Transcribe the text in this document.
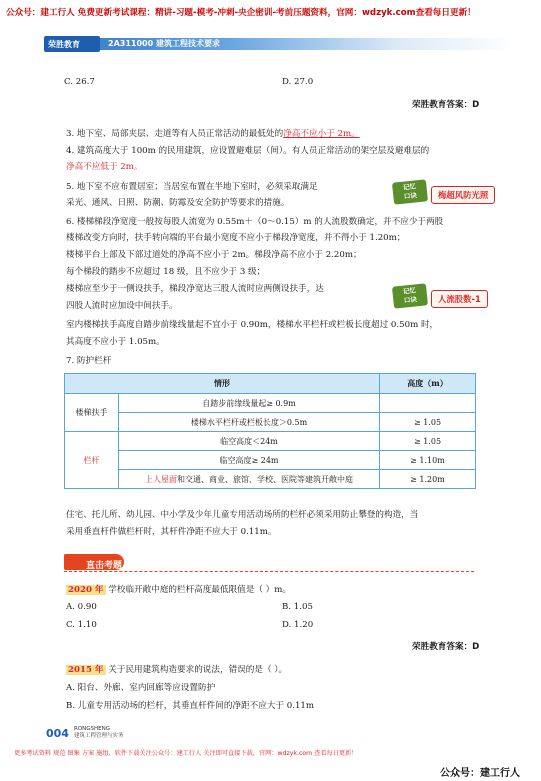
公众号：建工行人 免费更新考试课程：精讲-习题-模考-冲刺-央企密训-考前压题资料，官网：wdzyk.com查看每日更新！
荣胜教育	2A311000 建筑工程技术要求
C. 26.7	D. 27.0
荣胜教育答案：D
3. 地下室、局部夹层、走道等有人员正常活动的最低处的净高不应小于 2m。
4. 建筑高度大于 100m 的民用建筑，应设置避难层（间）。有人员正常活动的架空层及避难层的
净高不应低于 2m。
5. 地下室不应布置居室；当居室布置在半地下室时，必须采取满足
采光、通风、日照、防潮、防霉及安全防护等要求的措施。
记忆
口诀	梅超风防光照
6. 楼梯梯段净宽度一般按每股人流宽为 0.55m＋（0～0.15）m 的人流股数确定，并不应少于两股
楼梯改变方向时，扶手转向端的平台最小宽度不应小于梯段净宽度，并不得小于 1.20m；
楼梯平台上部及下部过道处的净高不应小于 2m。梯段净高不应小于 2.20m；
每个梯段的踏步不应超过 18 级，且不应少于 3 级；
楼梯应至少于一侧设扶手，梯段净宽达三股人流时应两侧设扶手，达
四股人流时应加设中间扶手。
记忆
口诀	人流股数-1
室内楼梯扶手高度自踏步前缘线量起不宜小于 0.90m，楼梯水平栏杆或栏板长度超过 0.50m 时，
其高度不应小于 1.05m。
7. 防护栏杆
情形		高度（m）
楼梯扶手	自踏步前缘线量起≥ 0.9m	
	楼梯水平栏杆或栏板长度＞0.5m	≥ 1.05
栏杆	临空高度＜24m	≥ 1.05
	临空高度≥ 24m	≥ 1.10m
	上人屋面和交通、商业、旅馆、学校、医院等建筑开敞中庭	≥ 1.20m
住宅、托儿所、幼儿园、中小学及少年儿童专用活动场所的栏杆必须采用防止攀登的构造，当
采用垂直杆件做栏杆时，其杆件净距不应大于 0.11m。
直击考题
2020 年 学校临开敞中庭的栏杆高度最低限值是（ ）m。
A. 0.90	B. 1.05
C. 1.10	D. 1.20
荣胜教育答案：D
2015 年 关于民用建筑构造要求的说法，错误的是（ ）。
A. 阳台、外廊、室内回廊等应设置防护
B. 儿童专用活动场的栏杆，其垂直杆件间的净距不应大于 0.11m
004 RONGSHENG
建筑工程管理与实务
更多考试资料 规范 图集 方案 施组、软件下载关注公众号：建工行人 关注即可直接下载，官网：wdzyk.com 查看每日更新！
公众号：建工行人
